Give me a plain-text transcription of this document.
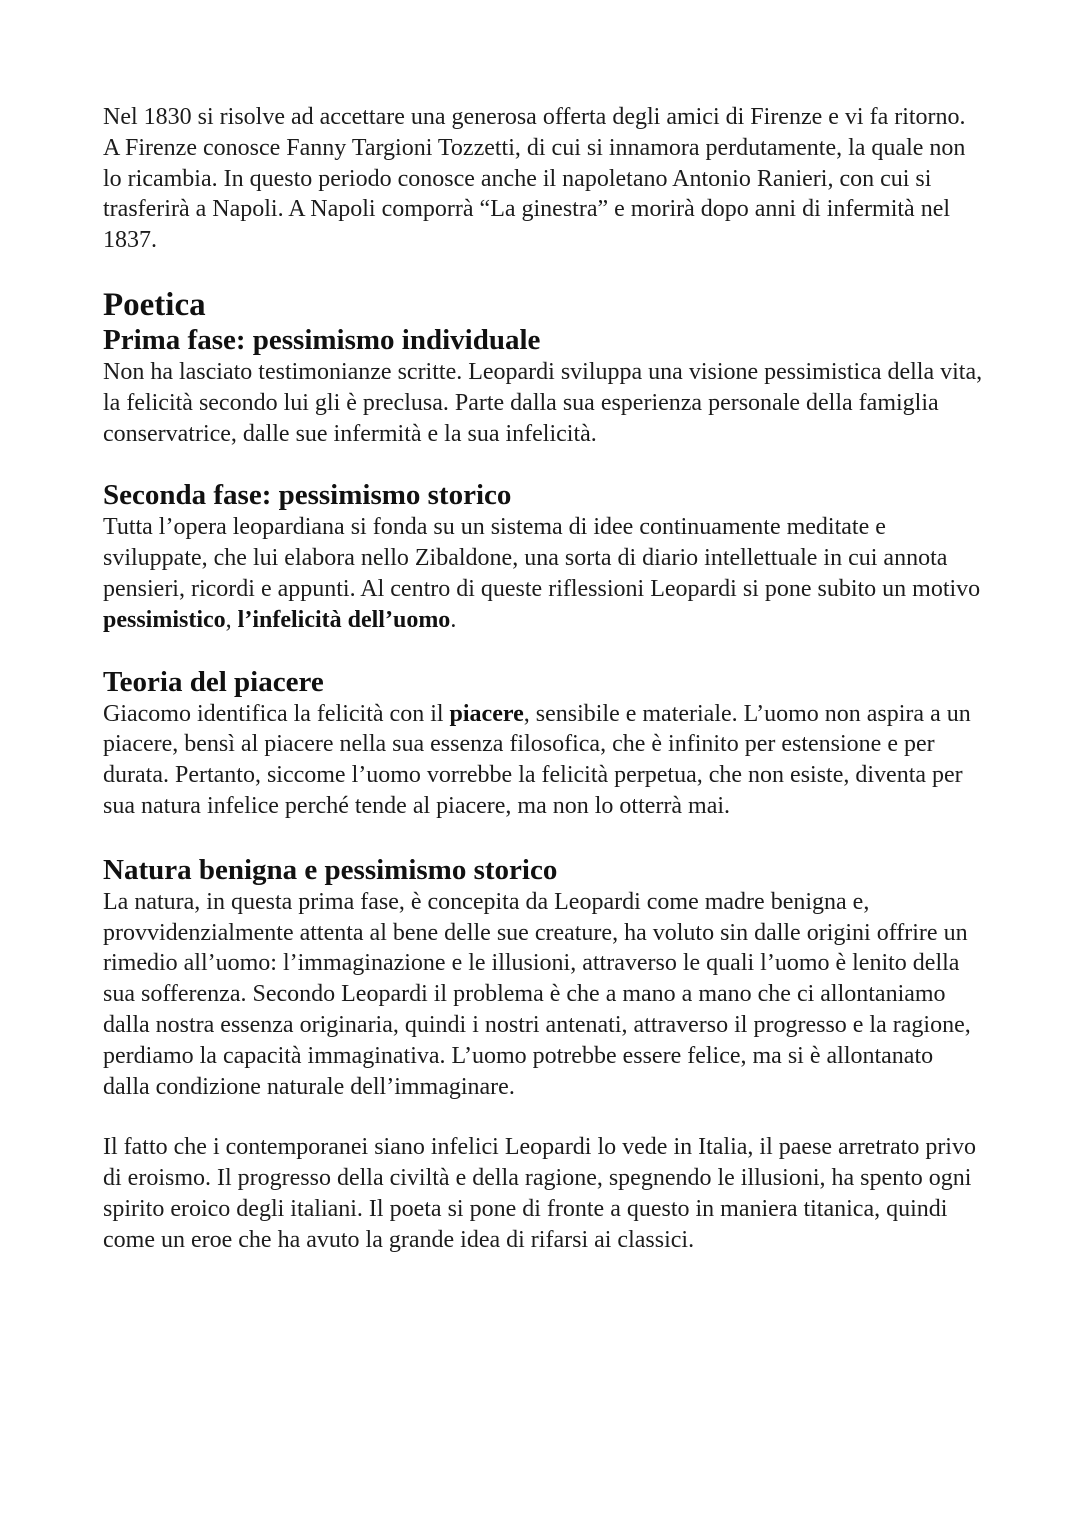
Nel 1830 si risolve ad accettare una generosa offerta degli amici di Firenze e vi fa ritorno. A Firenze conosce Fanny Targioni Tozzetti, di cui si innamora perdutamente, la quale non lo ricambia. In questo periodo conosce anche il napoletano Antonio Ranieri, con cui si trasferirà a Napoli. A Napoli comporrà “La ginestra” e morirà dopo anni di infermità nel 1837.

Poetica
Prima fase: pessimismo individuale

Non ha lasciato testimonianze scritte. Leopardi sviluppa una visione pessimistica della vita, la felicità secondo lui gli è preclusa. Parte dalla sua esperienza personale della famiglia conservatrice, dalle sue infermità e la sua infelicità.

Seconda fase: pessimismo storico

Tutta l’opera leopardiana si fonda su un sistema di idee continuamente meditate e sviluppate, che lui elabora nello Zibaldone, una sorta di diario intellettuale in cui annota pensieri, ricordi e appunti. Al centro di queste riflessioni Leopardi si pone subito un motivo pessimistico, l’infelicità dell’uomo.

Teoria del piacere

Giacomo identifica la felicità con il piacere, sensibile e materiale. L’uomo non aspira a un piacere, bensì al piacere nella sua essenza filosofica, che è infinito per estensione e per durata. Pertanto, siccome l’uomo vorrebbe la felicità perpetua, che non esiste, diventa per sua natura infelice perché tende al piacere, ma non lo otterrà mai.

Natura benigna e pessimismo storico

La natura, in questa prima fase, è concepita da Leopardi come madre benigna e, provvidenzialmente attenta al bene delle sue creature, ha voluto sin dalle origini offrire un rimedio all’uomo: l’immaginazione e le illusioni, attraverso le quali l’uomo è lenito della sua sofferenza. Secondo Leopardi il problema è che a mano a mano che ci allontaniamo dalla nostra essenza originaria, quindi i nostri antenati, attraverso il progresso e la ragione, perdiamo la capacità immaginativa. L’uomo potrebbe essere felice, ma si è allontanato dalla condizione naturale dell’immaginare.

Il fatto che i contemporanei siano infelici Leopardi lo vede in Italia, il paese arretrato privo di eroismo. Il progresso della civiltà e della ragione, spegnendo le illusioni, ha spento ogni spirito eroico degli italiani. Il poeta si pone di fronte a questo in maniera titanica, quindi come un eroe che ha avuto la grande idea di rifarsi ai classici.
